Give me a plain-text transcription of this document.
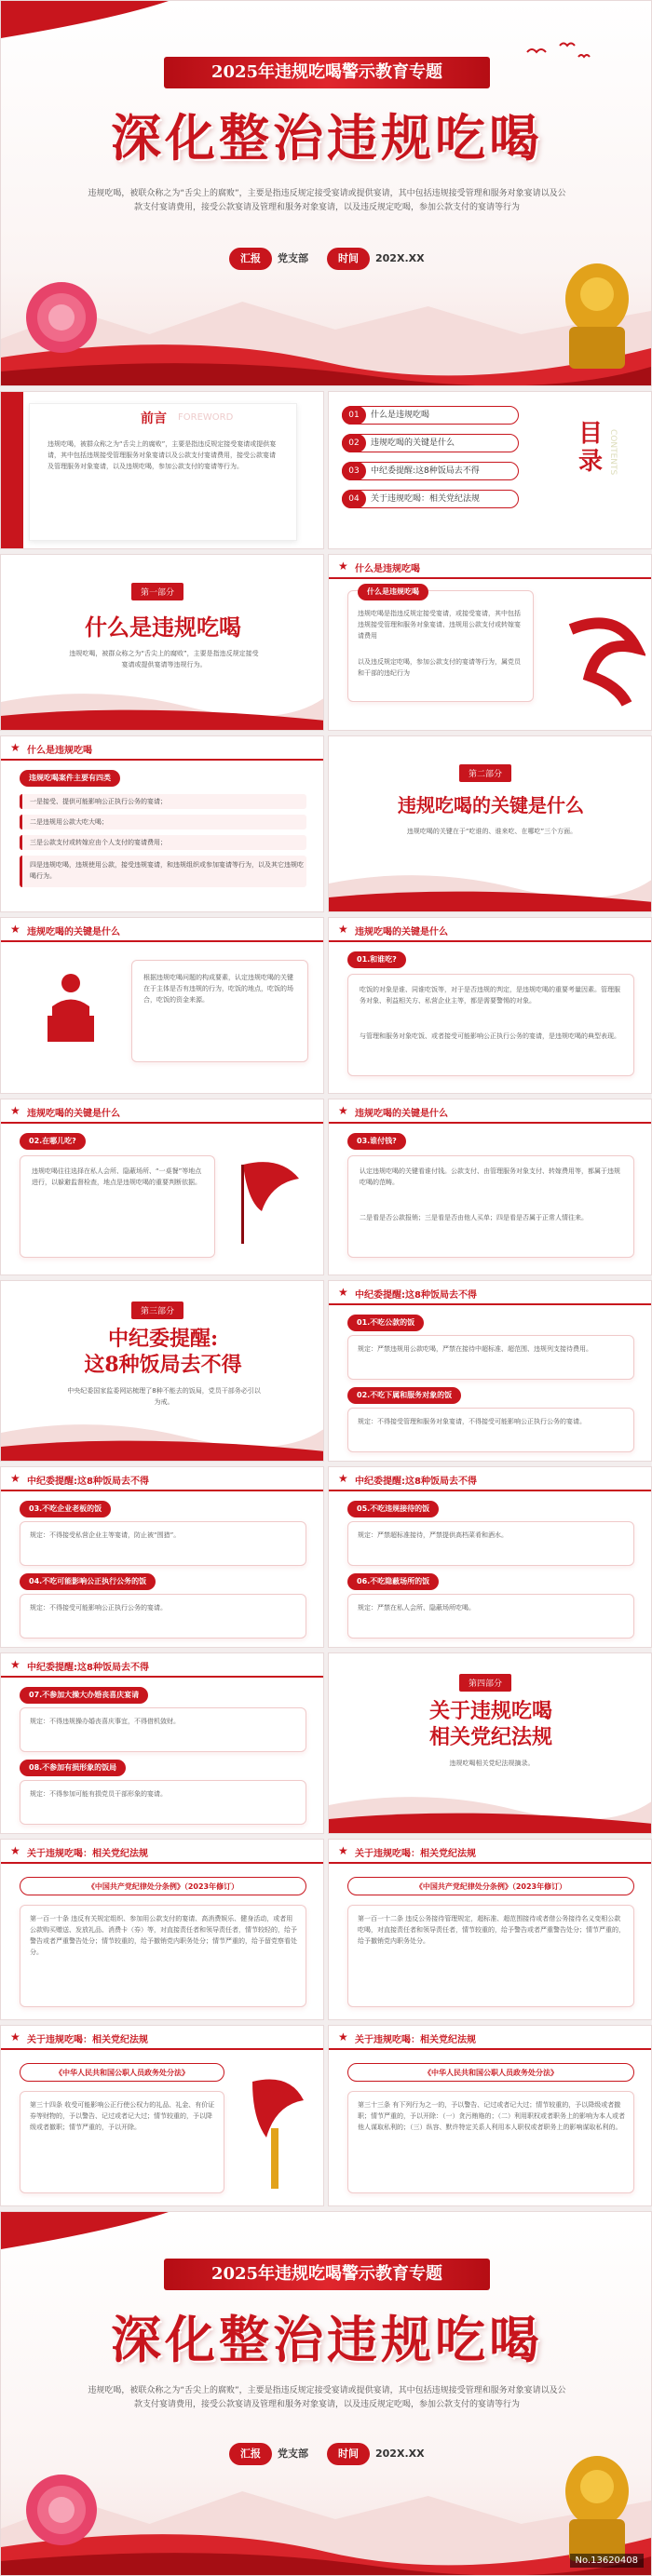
2025年违规吃喝警示教育专题
深化整治违规吃喝
违规吃喝，被联众称之为“舌尖上的腐败”，主要是指违反规定接受宴请或提供宴请，其中包括违规接受管理和服务对象宴请以及公款支付宴请费用，接受公款宴请及管理和服务对象宴请，以及违反规定吃喝，参加公款支付的宴请等行为
汇报	党支部	时间	202X.XX
前言 FOREWORD
违规吃喝，被群众称之为“舌尖上的腐败”，主要是指违反规定接受宴请或提供宴请，其中包括违规接受管理服务对象宴请以及公款支付宴请费用，接受公款宴请及管理服务对象宴请，以及违规吃喝，参加公款支付的宴请等行为。
01	什么是违规吃喝
02	违规吃喝的关键是什么
03	中纪委提醒:这8种饭局去不得
04	关于违规吃喝：相关党纪法规
目
录 CONTENTS
第一部分
什么是违规吃喝
违规吃喝，被群众称之为“舌尖上的腐败”，主要是指违反规定接受宴请或提供宴请等违规行为。
★ 什么是违规吃喝
什么是违规吃喝
违规吃喝是指违反规定接受宴请，或接受宴请，其中包括违规接受管理和服务对象宴请、违规用公款支付或转嫁宴请费用
以及违反规定吃喝，参加公款支付的宴请等行为，属党员和干部的违纪行为
★ 什么是违规吃喝
违规吃喝案件主要有四类
一是接受、提供可能影响公正执行公务的宴请；
二是违规用公款大吃大喝；
三是公款支付或转嫁应由个人支付的宴请费用；
四是违规吃喝，违规使用公款，接受违规宴请，和违规组织或参加宴请等行为，以及其它违规吃喝行为。
第二部分
违规吃喝的关键是什么
违规吃喝的关键在于“吃谁的、谁来吃、在哪吃”三个方面。
★ 违规吃喝的关键是什么
根据违规吃喝问题的构成要素，认定违规吃喝的关键在于主体是否有违规的行为，吃饭的地点，吃饭的场合，吃饭的资金来源。
★ 违规吃喝的关键是什么
01.和谁吃?
吃饭的对象是谁、同谁吃饭等，对于是否违规的判定，是违规吃喝的重要考量因素。管理服务对象、利益相关方、私营企业主等，都是需要警惕的对象。
与管理和服务对象吃饭、或者接受可能影响公正执行公务的宴请，是违规吃喝的典型表现。
★ 违规吃喝的关键是什么
02.在哪儿吃?
违规吃喝往往选择在私人会所、隐蔽场所、“一桌餐”等地点进行，以躲避监督检查，地点是违规吃喝的重要判断依据。
★ 违规吃喝的关键是什么
03.谁付钱?
认定违规吃喝的关键看谁付钱。公款支付、由管理服务对象支付、转嫁费用等，都属于违规吃喝的范畴。
二是看是否公款报销；三是看是否由他人买单；四是看是否属于正常人情往来。
第三部分
中纪委提醒:
这8种饭局去不得
中央纪委国家监委网站梳理了8种不能去的饭局，党员干部务必引以为戒。
★ 中纪委提醒:这8种饭局去不得
01.不吃公款的饭
规定：严禁违规用公款吃喝，严禁在接待中超标准、超范围、违规列支接待费用。
02.不吃下属和服务对象的饭
规定：不得接受管理和服务对象宴请，不得接受可能影响公正执行公务的宴请。
★ 中纪委提醒:这8种饭局去不得
03.不吃企业老板的饭
规定：不得接受私营企业主等宴请，防止被“围猎”。
04.不吃可能影响公正执行公务的饭
规定：不得接受可能影响公正执行公务的宴请。
★ 中纪委提醒:这8种饭局去不得
05.不吃违规接待的饭
规定：严禁超标准接待，严禁提供高档菜肴和酒水。
06.不吃隐蔽场所的饭
规定：严禁在私人会所、隐蔽场所吃喝。
★ 中纪委提醒:这8种饭局去不得
07.不参加大操大办婚丧喜庆宴请
规定：不得违规操办婚丧喜庆事宜，不得借机敛财。
08.不参加有损形象的饭局
规定：不得参加可能有损党员干部形象的宴请。
第四部分
关于违规吃喝
相关党纪法规
违规吃喝相关党纪法规摘录。
★ 关于违规吃喝：相关党纪法规
《中国共产党纪律处分条例》（2023年修订）
第一百一十条 违反有关规定组织、参加用公款支付的宴请、高消费娱乐、健身活动，或者用公款购买赠送、发放礼品、消费卡（券）等，对直接责任者和领导责任者，情节较轻的，给予警告或者严重警告处分；情节较重的，给予撤销党内职务处分；情节严重的，给予留党察看处分。
★ 关于违规吃喝：相关党纪法规
《中国共产党纪律处分条例》（2023年修订）
第一百一十二条 违反公务接待管理规定，超标准、超范围接待或者借公务接待名义变相公款吃喝，对直接责任者和领导责任者，情节较重的，给予警告或者严重警告处分；情节严重的，给予撤销党内职务处分。
★ 关于违规吃喝：相关党纪法规
《中华人民共和国公职人员政务处分法》
第三十四条 收受可能影响公正行使公权力的礼品、礼金、有价证券等财物的，予以警告、记过或者记大过；情节较重的，予以降级或者撤职；情节严重的，予以开除。
★ 关于违规吃喝：相关党纪法规
《中华人民共和国公职人员政务处分法》
第三十三条 有下列行为之一的，予以警告、记过或者记大过；情节较重的，予以降级或者撤职；情节严重的，予以开除：（一）贪污贿赂的；（二）利用职权或者职务上的影响为本人或者他人谋取私利的；（三）纵容、默许特定关系人利用本人职权或者职务上的影响谋取私利的。
2025年违规吃喝警示教育专题
深化整治违规吃喝
违规吃喝，被联众称之为“舌尖上的腐败”，主要是指违反规定接受宴请或提供宴请，其中包括违规接受管理和服务对象宴请以及公款支付宴请费用，接受公款宴请及管理和服务对象宴请，以及违反规定吃喝，参加公款支付的宴请等行为
汇报	党支部	时间	202X.XX
No.13620408
